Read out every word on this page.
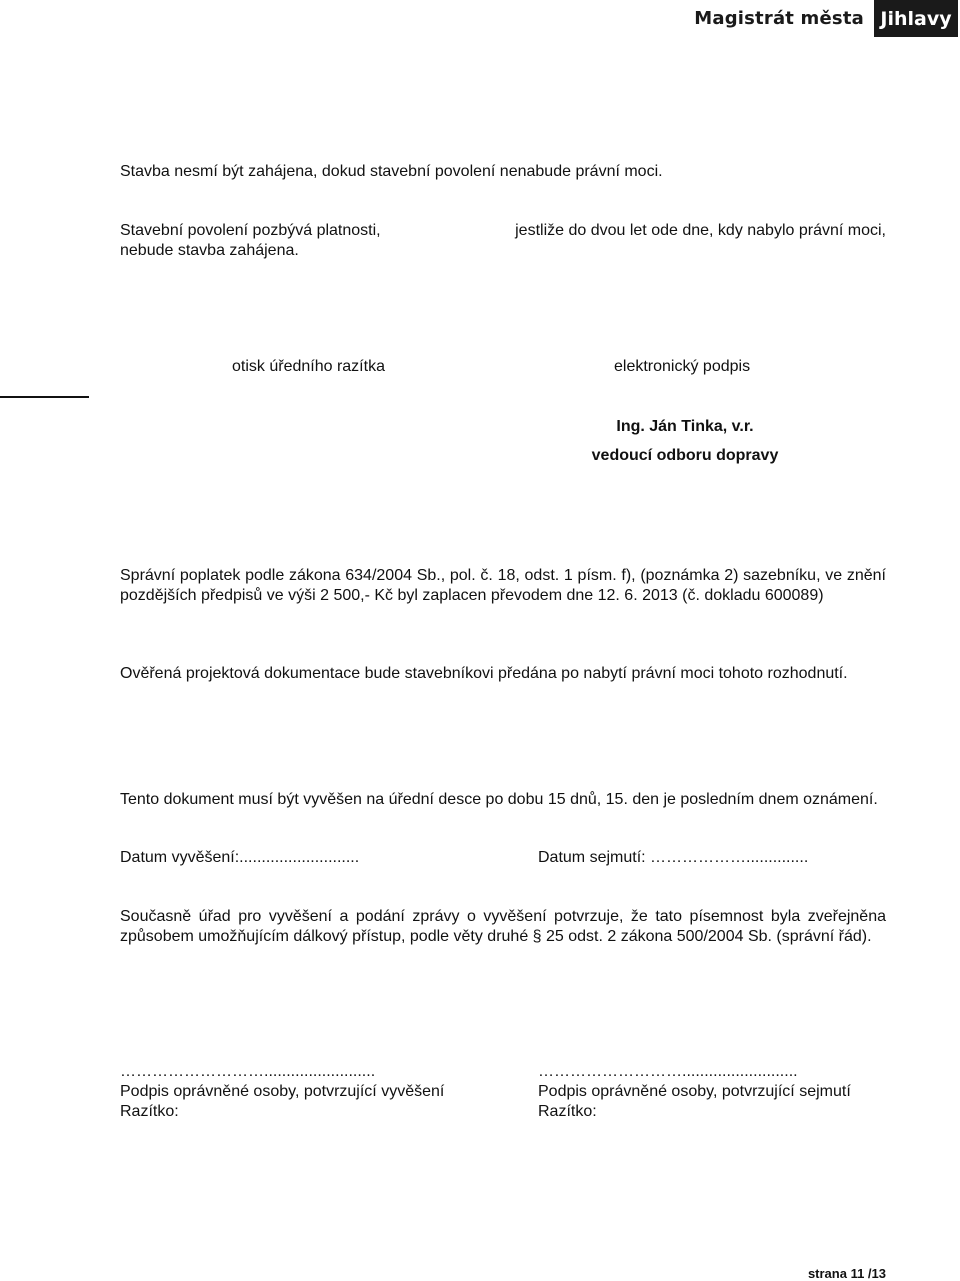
Magistrát města Jihlavy
Stavba nesmí být zahájena, dokud stavební povolení nenabude právní moci.
Stavební povolení pozbývá platnosti,	jestliže do dvou let ode dne, kdy nabylo právní moci,
nebude stavba zahájena.
otisk úředního razítka	elektronický podpis
Ing. Ján Tinka, v.r.
vedoucí odboru dopravy
Správní poplatek podle zákona 634/2004 Sb., pol. č. 18, odst. 1 písm. f), (poznámka 2) sazebníku, ve znění pozdějších předpisů ve výši 2 500,- Kč byl zaplacen převodem dne 12. 6. 2013 (č. dokladu 600089)
Ověřená projektová dokumentace bude stavebníkovi předána po nabytí právní moci tohoto rozhodnutí.
Tento dokument musí být vyvěšen na úřední desce po dobu 15 dnů, 15. den je posledním dnem oznámení.
Datum vyvěšení:...........................	Datum sejmutí: ………………..............
Současně úřad pro vyvěšení a podání zprávy o vyvěšení potvrzuje, že tato písemnost byla zveřejněna způsobem umožňujícím dálkový přístup, podle věty druhé § 25 odst. 2 zákona 500/2004 Sb. (správní řád).
……………………….........................
Podpis oprávněné osoby, potvrzující vyvěšení
Razítko:
………………………..........................
Podpis oprávněné osoby, potvrzující sejmutí
Razítko:
strana 11 /13
